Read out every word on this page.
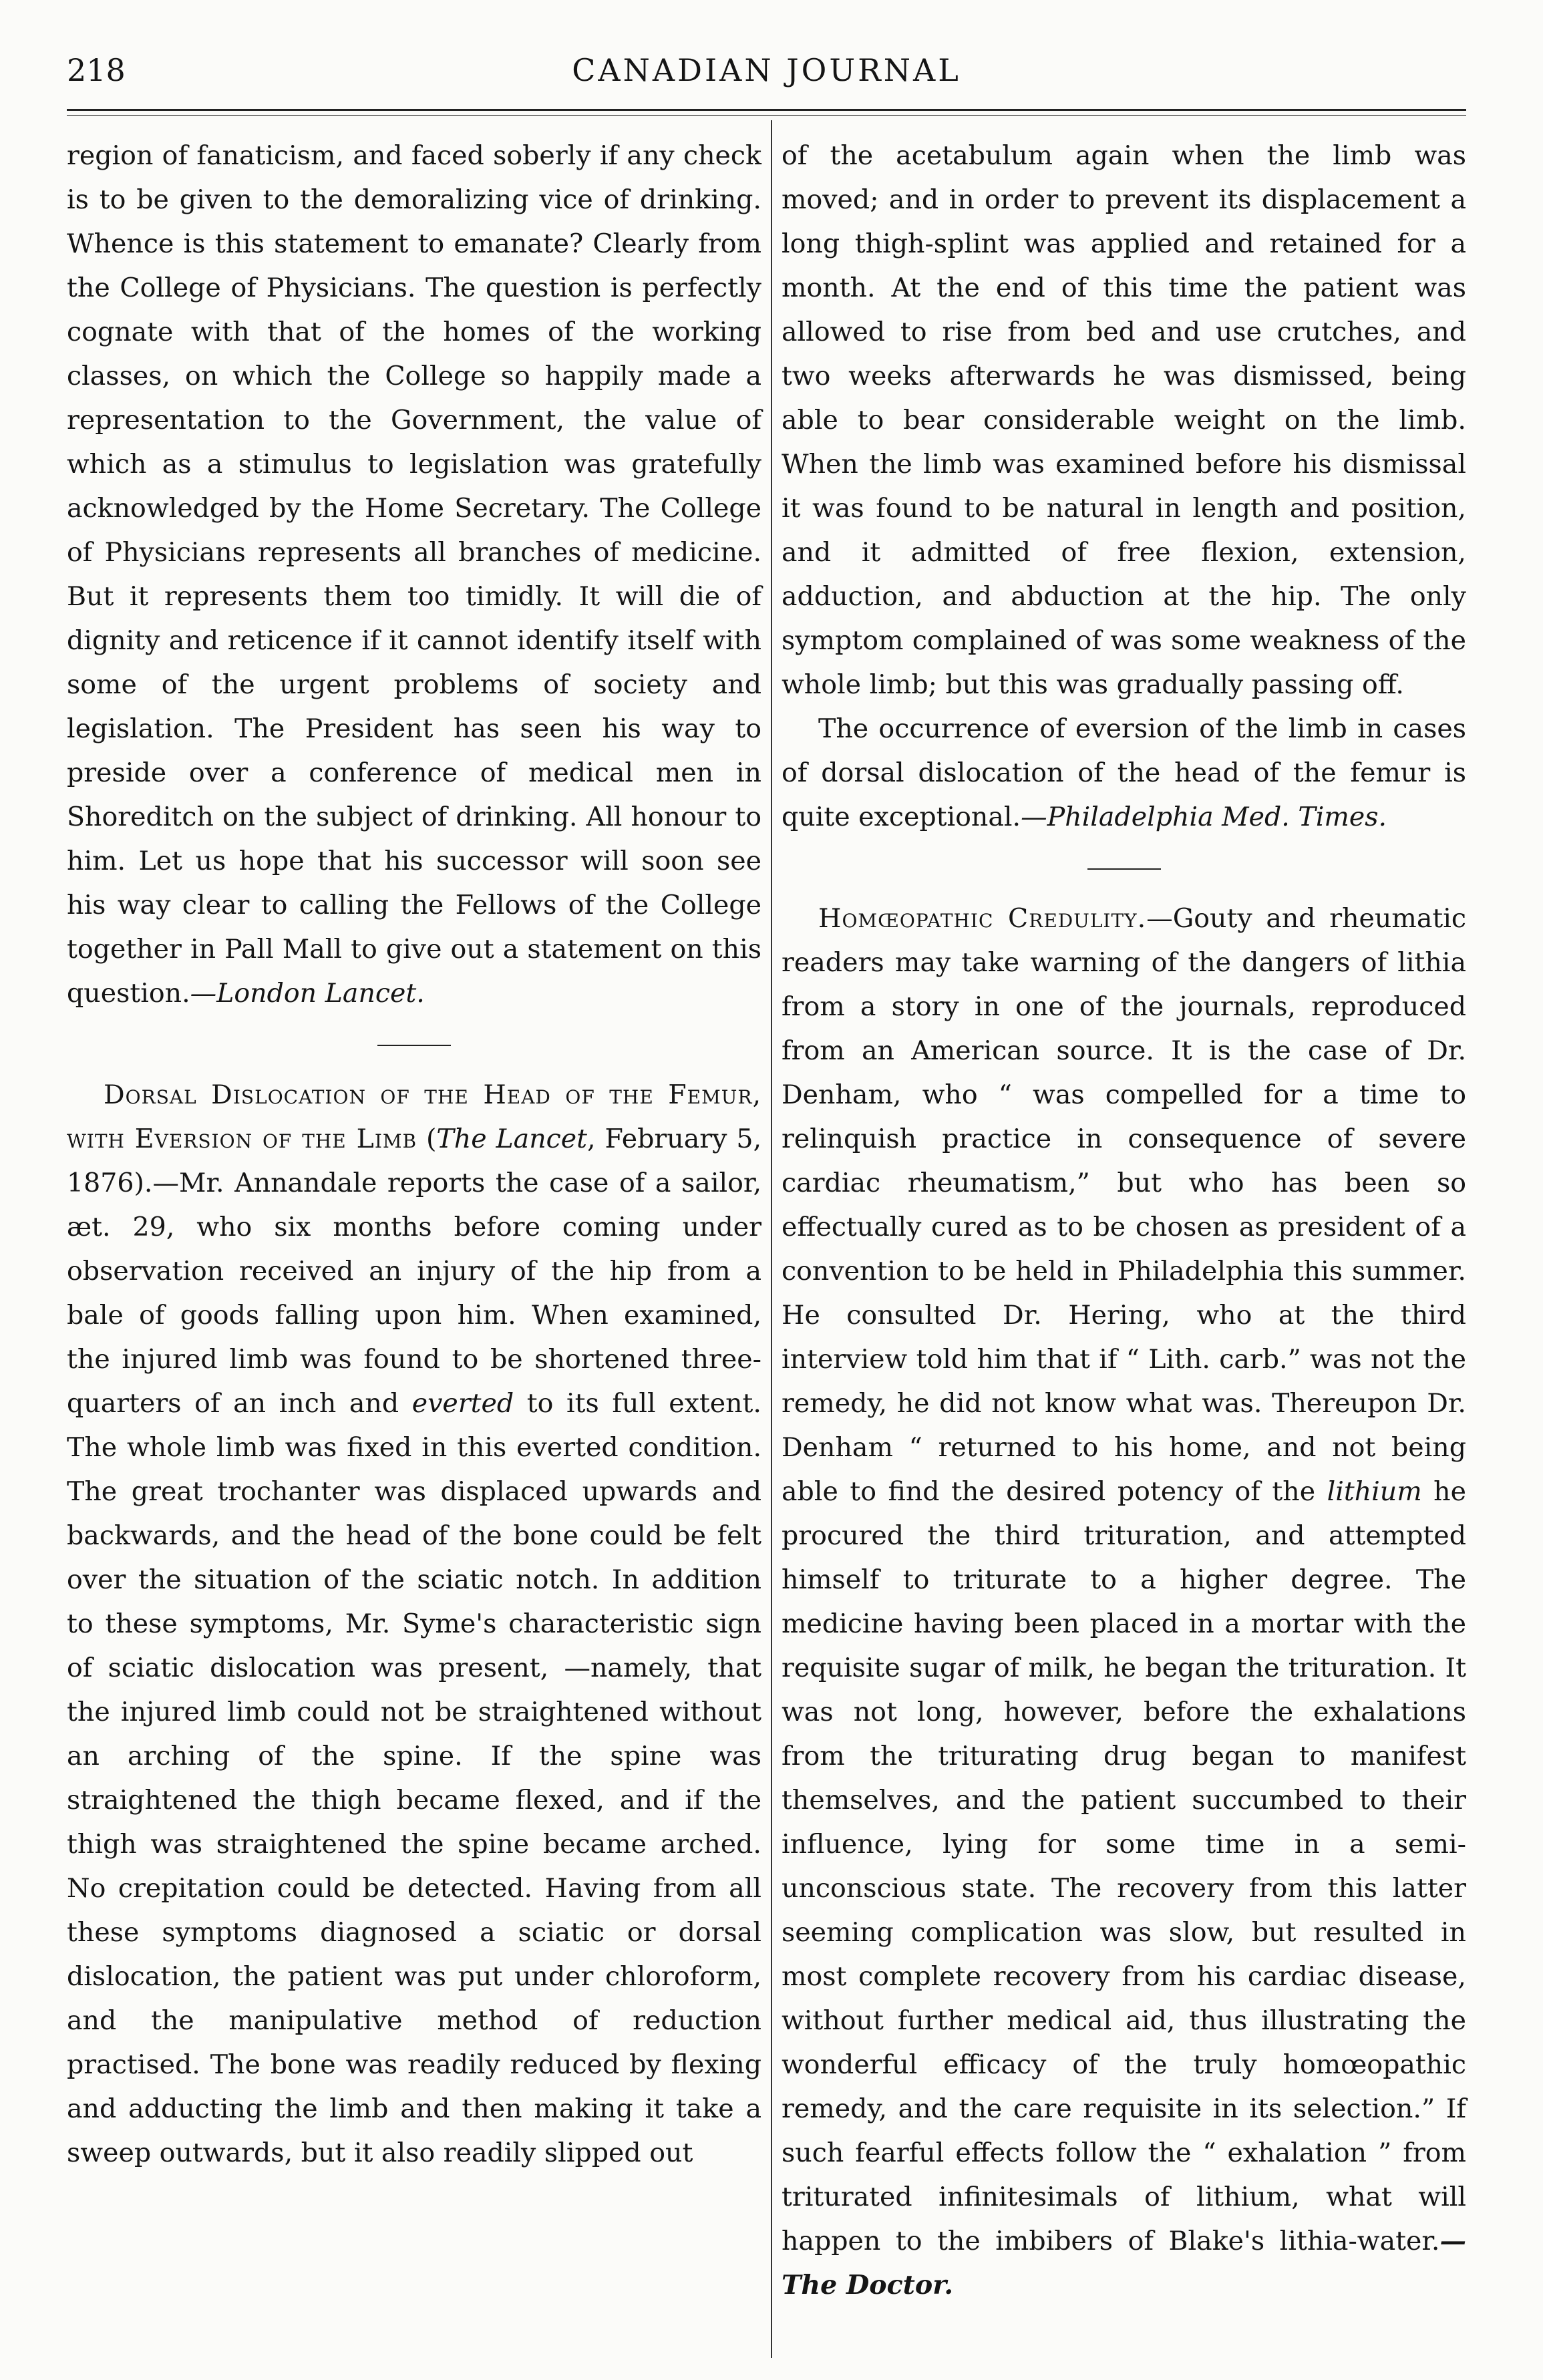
218	CANADIAN JOURNAL

region of fanaticism, and faced soberly if any check is to be given to the demoralizing vice of drinking. Whence is this statement to emanate? Clearly from the College of Physicians. The question is perfectly cognate with that of the homes of the working classes, on which the College so happily made a representation to the Government, the value of which as a stimulus to legislation was gratefully acknowledged by the Home Secretary. The College of Physicians represents all branches of medicine. But it represents them too timidly. It will die of dignity and reticence if it cannot identify itself with some of the urgent problems of society and legislation. The President has seen his way to preside over a conference of medical men in Shoreditch on the subject of drinking. All honour to him. Let us hope that his successor will soon see his way clear to calling the Fellows of the College together in Pall Mall to give out a statement on this question.—London Lancet.

Dorsal Dislocation of the Head of the Femur, with Eversion of the Limb (The Lancet, February 5, 1876).—Mr. Annandale reports the case of a sailor, æt. 29, who six months before coming under observation received an injury of the hip from a bale of goods falling upon him. When examined, the injured limb was found to be shortened three-quarters of an inch and everted to its full extent. The whole limb was fixed in this everted condition. The great trochanter was displaced upwards and backwards, and the head of the bone could be felt over the situation of the sciatic notch. In addition to these symptoms, Mr. Syme's characteristic sign of sciatic dislocation was present, —namely, that the injured limb could not be straightened without an arching of the spine. If the spine was straightened the thigh became flexed, and if the thigh was straightened the spine became arched. No crepitation could be detected. Having from all these symptoms diagnosed a sciatic or dorsal dislocation, the patient was put under chloroform, and the manipulative method of reduction practised. The bone was readily reduced by flexing and adducting the limb and then making it take a sweep outwards, but it also readily slipped out

of the acetabulum again when the limb was moved; and in order to prevent its displacement a long thigh-splint was applied and retained for a month. At the end of this time the patient was allowed to rise from bed and use crutches, and two weeks afterwards he was dismissed, being able to bear considerable weight on the limb. When the limb was examined before his dismissal it was found to be natural in length and position, and it admitted of free flexion, extension, adduction, and abduction at the hip. The only symptom complained of was some weakness of the whole limb; but this was gradually passing off.

The occurrence of eversion of the limb in cases of dorsal dislocation of the head of the femur is quite exceptional.—Philadelphia Med. Times.

Homœopathic Credulity.—Gouty and rheumatic readers may take warning of the dangers of lithia from a story in one of the journals, reproduced from an American source. It is the case of Dr. Denham, who “ was compelled for a time to relinquish practice in consequence of severe cardiac rheumatism,” but who has been so effectually cured as to be chosen as president of a convention to be held in Philadelphia this summer. He consulted Dr. Hering, who at the third interview told him that if “ Lith. carb.” was not the remedy, he did not know what was. Thereupon Dr. Denham “ returned to his home, and not being able to find the desired potency of the lithium he procured the third trituration, and attempted himself to triturate to a higher degree. The medicine having been placed in a mortar with the requisite sugar of milk, he began the trituration. It was not long, however, before the exhalations from the triturating drug began to manifest themselves, and the patient succumbed to their influence, lying for some time in a semi-unconscious state. The recovery from this latter seeming complication was slow, but resulted in most complete recovery from his cardiac disease, without further medical aid, thus illustrating the wonderful efficacy of the truly homœopathic remedy, and the care requisite in its selection.” If such fearful effects follow the “ exhalation ” from triturated infinitesimals of lithium, what will happen to the imbibers of Blake's lithia-water.—The Doctor.
